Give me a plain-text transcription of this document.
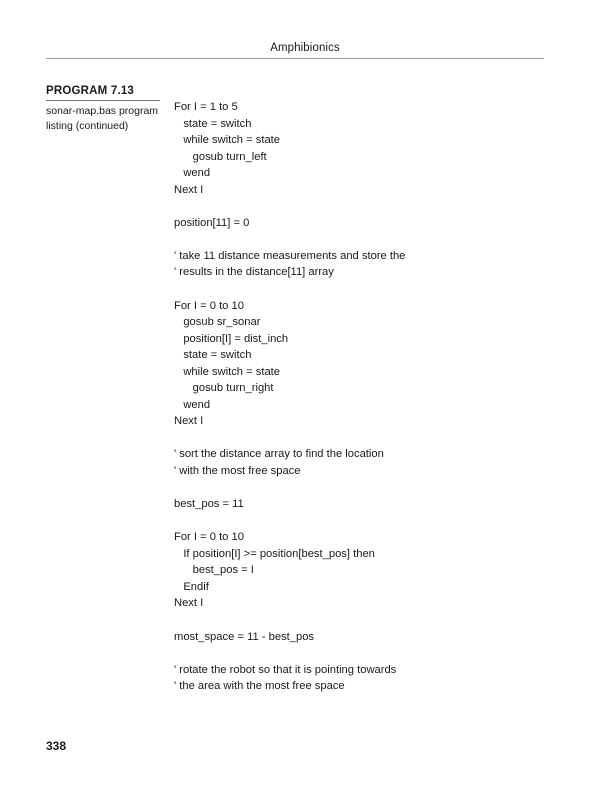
Amphibionics
PROGRAM 7.13
sonar-map.bas program listing (continued)
For I = 1 to 5
state = switch
while switch = state
gosub turn_left
wend
Next I
position[11] = 0
' take 11 distance measurements and store the
' results in the distance[11] array
For I = 0 to 10
gosub sr_sonar
position[I] = dist_inch
state = switch
while switch = state
gosub turn_right
wend
Next I
' sort the distance array to find the location
' with the most free space
best_pos = 11
For I = 0 to 10
If position[I] >= position[best_pos] then
best_pos = I
Endif
Next I
most_space = 11 - best_pos
' rotate the robot so that it is pointing towards
' the area with the most free space
338
